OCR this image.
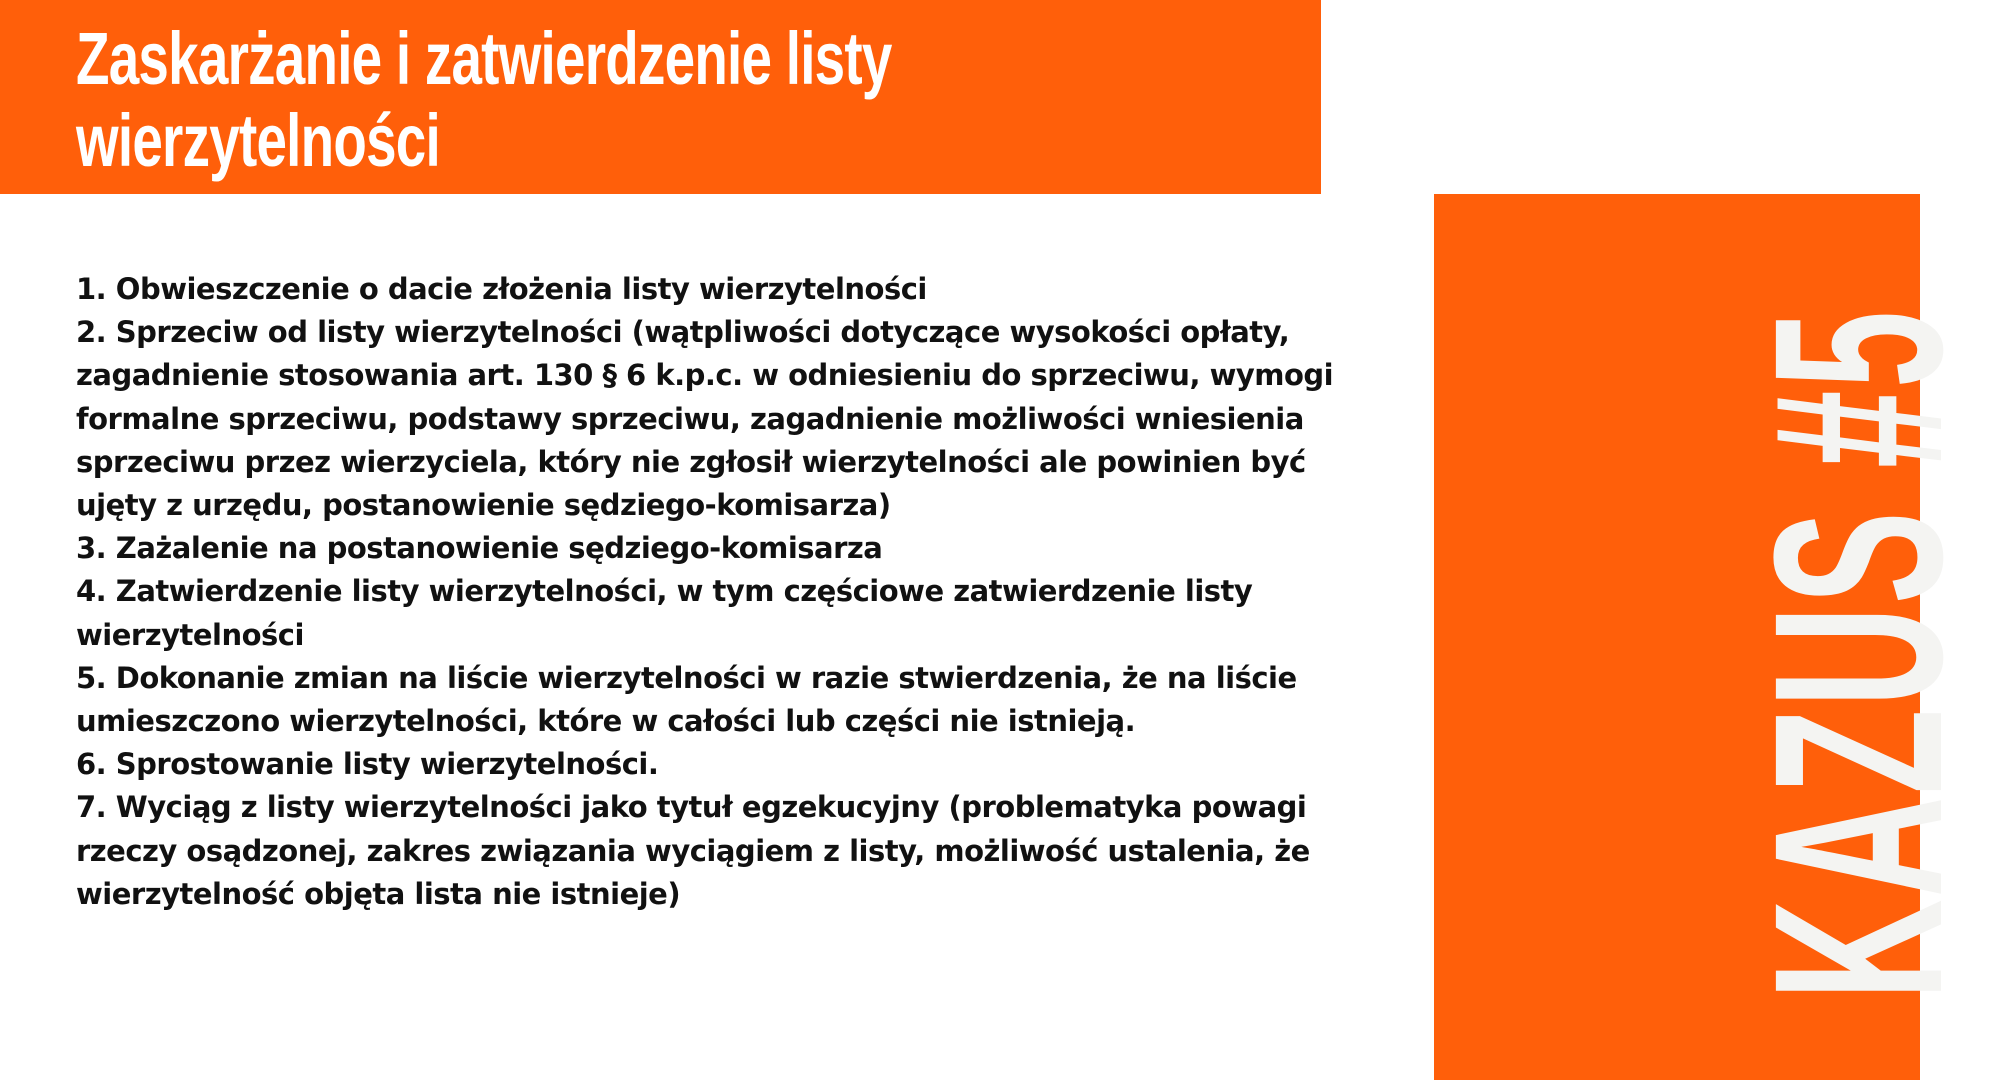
Zaskarżanie i zatwierdzenie listy
wierzytelności
KAZUS #5

1. Obwieszczenie o dacie złożenia listy wierzytelności

2. Sprzeciw od listy wierzytelności (wątpliwości dotyczące wysokości opłaty, zagadnienie stosowania art. 130 § 6 k.p.c. w odniesieniu do sprzeciwu, wymogi formalne sprzeciwu, podstawy sprzeciwu, zagadnienie możliwości wniesienia sprzeciwu przez wierzyciela, który nie zgłosił wierzytelności ale powinien być ujęty z urzędu, postanowienie sędziego-komisarza)

3. Zażalenie na postanowienie sędziego-komisarza

4. Zatwierdzenie listy wierzytelności, w tym częściowe zatwierdzenie listy wierzytelności

5. Dokonanie zmian na liście wierzytelności w razie stwierdzenia, że na liście umieszczono wierzytelności, które w całości lub części nie istnieją.

6. Sprostowanie listy wierzytelności.

7. Wyciąg z listy wierzytelności jako tytuł egzekucyjny (problematyka powagi rzeczy osądzonej, zakres związania wyciągiem z listy, możliwość ustalenia, że wierzytelność objęta lista nie istnieje)
